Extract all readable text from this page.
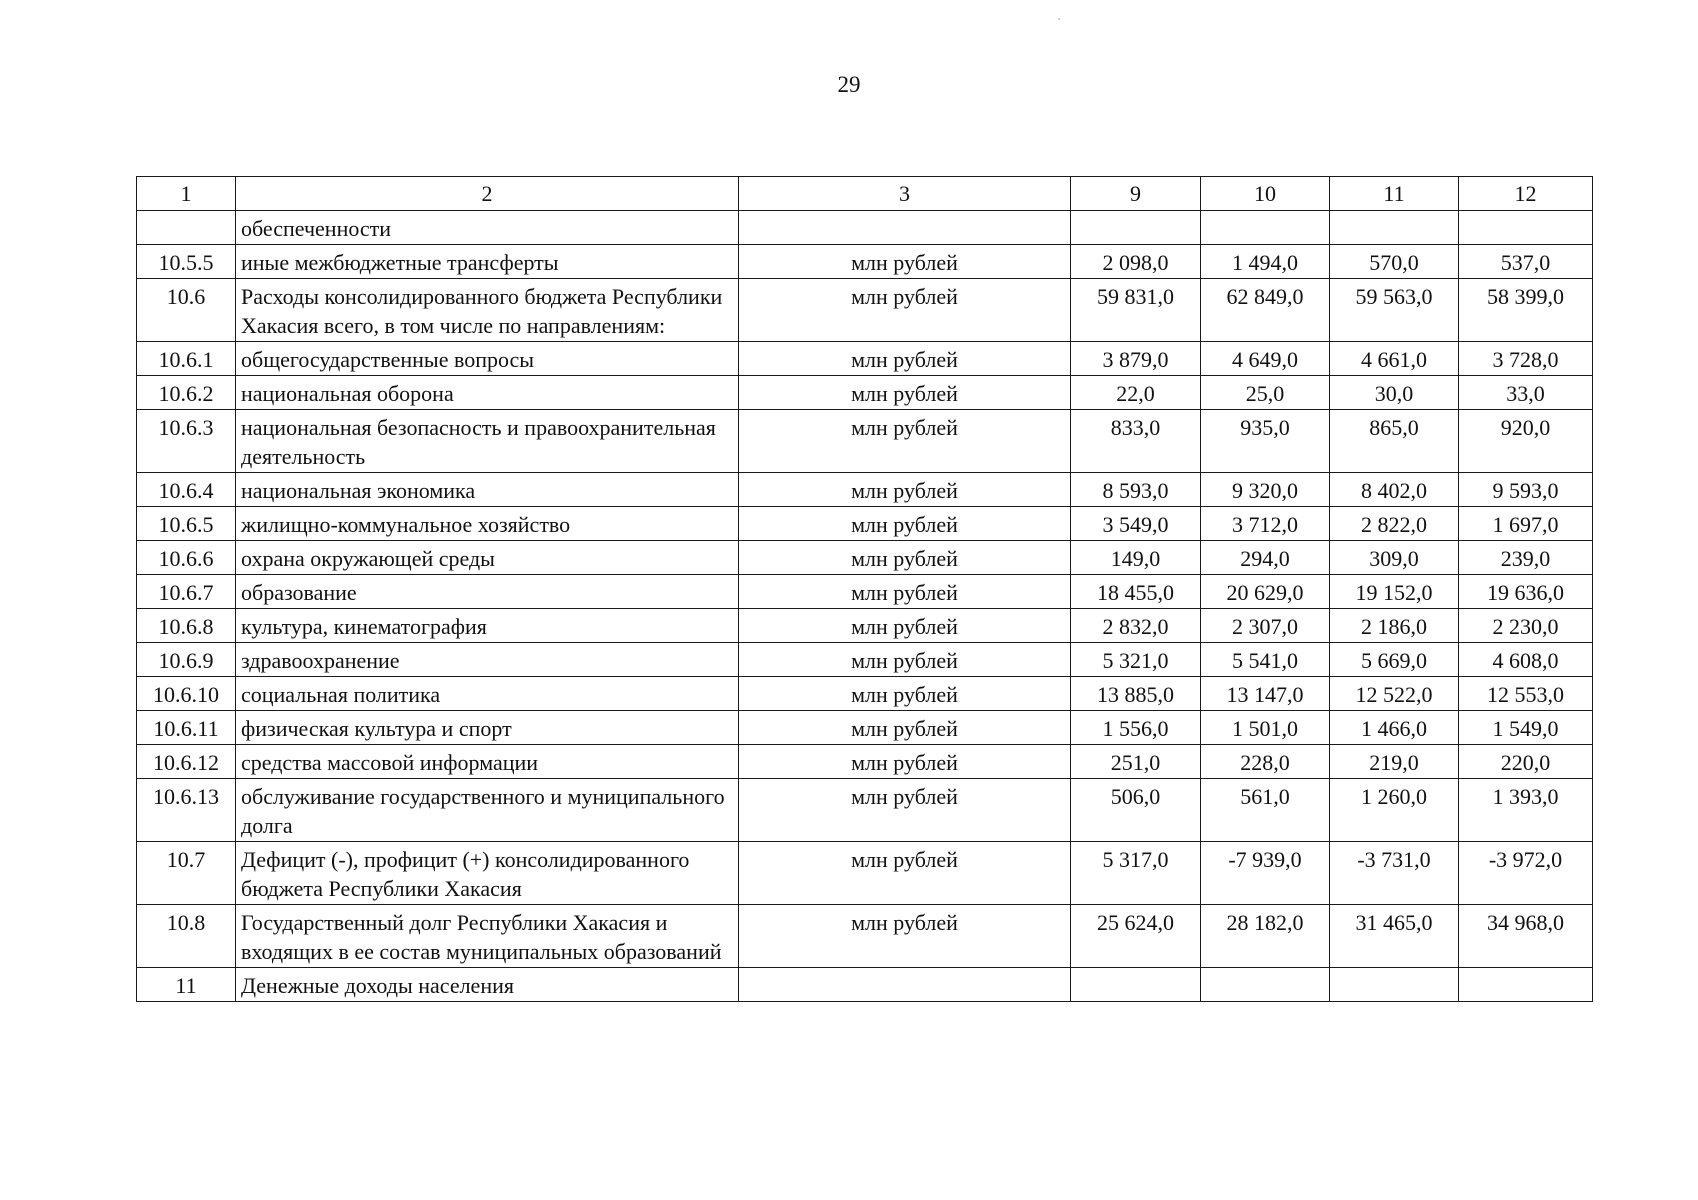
29
1	2	3	9	10	11	12
	обеспеченности					
10.5.5	иные межбюджетные трансферты	млн рублей	2 098,0	1 494,0	570,0	537,0
10.6	Расходы консолидированного бюджета Республики Хакасия всего, в том числе по направлениям:	млн рублей	59 831,0	62 849,0	59 563,0	58 399,0
10.6.1	общегосударственные вопросы	млн рублей	3 879,0	4 649,0	4 661,0	3 728,0
10.6.2	национальная оборона	млн рублей	22,0	25,0	30,0	33,0
10.6.3	национальная безопасность и правоохранительная деятельность	млн рублей	833,0	935,0	865,0	920,0
10.6.4	национальная экономика	млн рублей	8 593,0	9 320,0	8 402,0	9 593,0
10.6.5	жилищно-коммунальное хозяйство	млн рублей	3 549,0	3 712,0	2 822,0	1 697,0
10.6.6	охрана окружающей среды	млн рублей	149,0	294,0	309,0	239,0
10.6.7	образование	млн рублей	18 455,0	20 629,0	19 152,0	19 636,0
10.6.8	культура, кинематография	млн рублей	2 832,0	2 307,0	2 186,0	2 230,0
10.6.9	здравоохранение	млн рублей	5 321,0	5 541,0	5 669,0	4 608,0
10.6.10	социальная политика	млн рублей	13 885,0	13 147,0	12 522,0	12 553,0
10.6.11	физическая культура и спорт	млн рублей	1 556,0	1 501,0	1 466,0	1 549,0
10.6.12	средства массовой информации	млн рублей	251,0	228,0	219,0	220,0
10.6.13	обслуживание государственного и муниципального долга	млн рублей	506,0	561,0	1 260,0	1 393,0
10.7	Дефицит (-), профицит (+) консолидированного бюджета Республики Хакасия	млн рублей	5 317,0	-7 939,0	-3 731,0	-3 972,0
10.8	Государственный долг Республики Хакасия и входящих в ее состав муниципальных образований	млн рублей	25 624,0	28 182,0	31 465,0	34 968,0
11	Денежные доходы населения					
